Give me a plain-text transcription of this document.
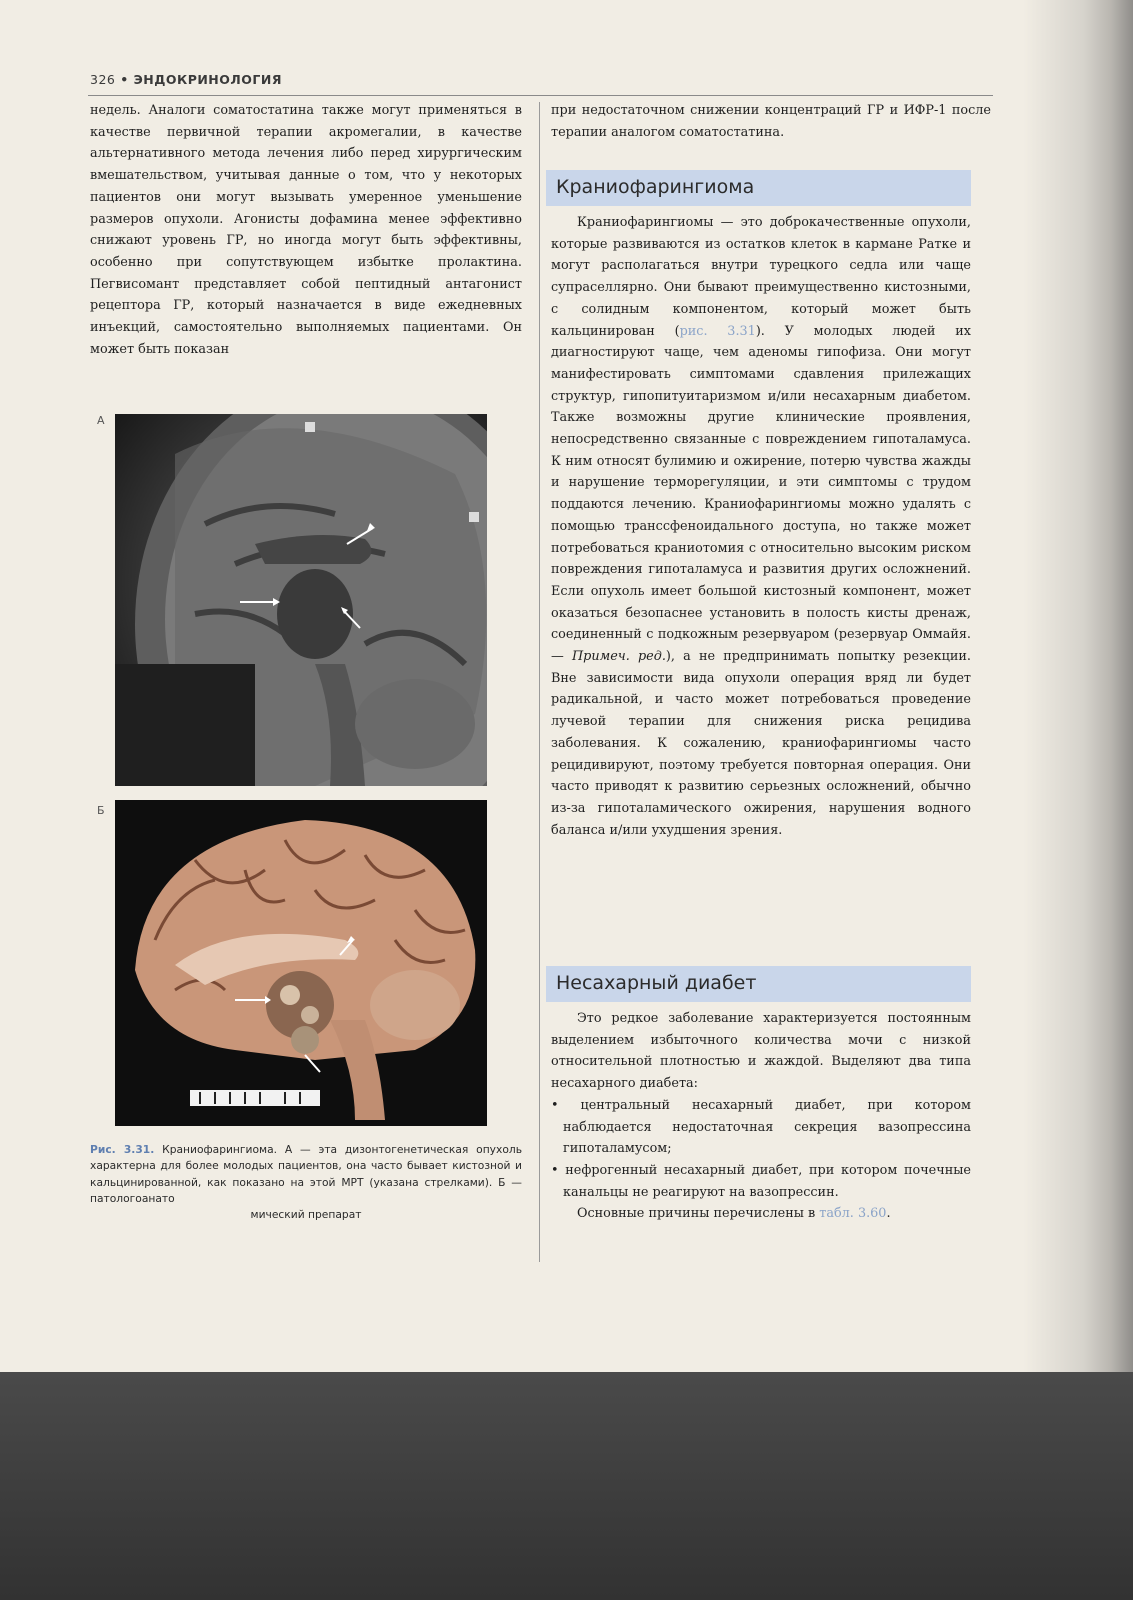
326 • ЭНДОКРИНОЛОГИЯ

недель. Аналоги соматостатина также могут применяться в качестве первичной терапии акромегалии, в качестве альтернативного метода лечения либо перед хирургическим вмешательством, учитывая данные о том, что у некоторых пациентов они могут вызывать умеренное уменьшение размеров опухоли. Агонисты дофамина менее эффективно снижают уровень ГР, но иногда могут быть эффективны, особенно при сопутствующем избытке пролактина. Пегвисомант представляет собой пептидный антагонист рецептора ГР, который назначается в виде ежедневных инъекций, самостоятельно выполняемых пациентами. Он может быть показан

А
Б
Рис. 3.31. Краниофарингиома. А — эта дизонтогенетическая опухоль характерна для более молодых пациентов, она часто бывает кистозной и кальцинированной, как показано на этой МРТ (указана стрелками). Б — патологоанато
мический препарат

при недостаточном снижении концентраций ГР и ИФР-1 после терапии аналогом соматостатина.

Краниофарингиома

Краниофарингиомы — это доброкачественные опухоли, которые развиваются из остатков клеток в кармане Ратке и могут располагаться внутри турецкого седла или чаще супраселлярно. Они бывают преимущественно кистозными, с солидным компонентом, который может быть кальцинирован (рис. 3.31). У молодых людей их диагностируют чаще, чем аденомы гипофиза. Они могут манифестировать симптомами сдавления прилежащих структур, гипопитуитаризмом и/или несахарным диабетом. Также возможны другие клинические проявления, непосредственно связанные с повреждением гипоталамуса. К ним относят булимию и ожирение, потерю чувства жажды и нарушение терморегуляции, и эти симптомы с трудом поддаются лечению. Краниофарингиомы можно удалять с помощью транссфеноидального доступа, но также может потребоваться краниотомия с относительно высоким риском повреждения гипоталамуса и развития других осложнений. Если опухоль имеет большой кистозный компонент, может оказаться безопаснее установить в полость кисты дренаж, соединенный с подкожным резервуаром (резервуар Оммайя. — Примеч. ред.), а не предпринимать попытку резекции. Вне зависимости вида опухоли операция вряд ли будет радикальной, и часто может потребоваться проведение лучевой терапии для снижения риска рецидива заболевания. К сожалению, краниофарингиомы часто рецидивируют, поэтому требуется повторная операция. Они часто приводят к развитию серьезных осложнений, обычно из-за гипоталамического ожирения, нарушения водного баланса и/или ухудшения зрения.

Несахарный диабет

Это редкое заболевание характеризуется постоянным выделением избыточного количества мочи с низкой относительной плотностью и жаждой. Выделяют два типа несахарного диабета:

• центральный несахарный диабет, при котором наблюдается недостаточная секреция вазопрессина гипоталамусом;

• нефрогенный несахарный диабет, при котором почечные канальцы не реагируют на вазопрессин.

Основные причины перечислены в табл. 3.60.
